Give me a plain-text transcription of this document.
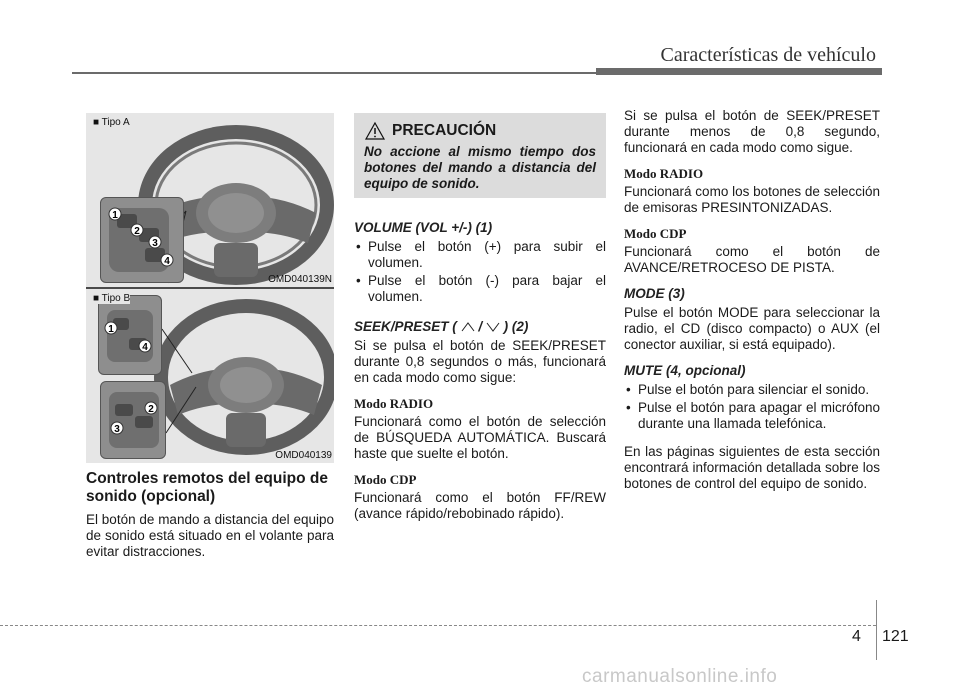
Características de vehículo
1
2
3
4
■ Tipo A
OMD040139N
1
4
2
3
■ Tipo B
OMD040139
Controles remotos del equipo de sonido (opcional)
El botón de mando a distancia del equipo de sonido está situado en el volante para evitar distracciones.
PRECAUCIÓN
No accione al mismo tiempo dos botones del mando a distancia del equipo de sonido.
VOLUME (VOL +/-) (1)
• Pulse el botón (+) para subir el volumen.
• Pulse el botón (-) para bajar el volumen.
SEEK/PRESET ( / ) (2)
Si se pulsa el botón de SEEK/PRESET durante 0,8 segundos o más, funcionará en cada modo como sigue:
Modo RADIO
Funcionará como el botón de selección de BÚSQUEDA AUTOMÁTICA. Buscará haste que suelte el botón.
Modo CDP
Funcionará como el botón FF/REW (avance rápido/rebobinado rápido).
Si se pulsa el botón de SEEK/PRESET durante menos de 0,8 segundo, funcionará en cada modo como sigue.
Modo RADIO
Funcionará como los botones de selección de emisoras PRESINTONIZADAS.
Modo CDP
Funcionará como el botón de AVANCE/RETROCESO DE PISTA.
MODE (3)
Pulse el botón MODE para seleccionar la radio, el CD (disco compacto) o AUX (el conector auxiliar, si está equipado).
MUTE (4, opcional)
• Pulse el botón para silenciar el sonido.
• Pulse el botón para apagar el micrófono durante una llamada telefónica.
En las páginas siguientes de esta sección encontrará información detallada sobre los botones de control del equipo de sonido.
4 121
carmanualsonline.info
